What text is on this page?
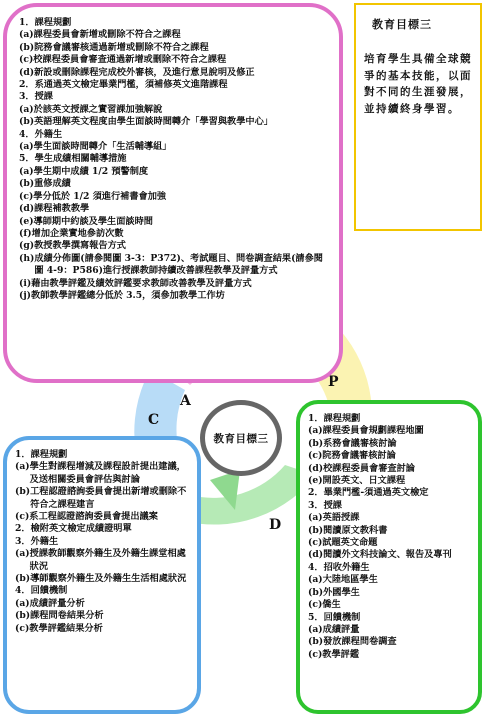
P
A
C
D
教育目標三
1． 課程規劃
(a) 課程委員會新增或刪除不符合之課程
(b) 院務會議審核通過新增或刪除不符合之課程
(c) 校課程委員會審查通過新增或刪除不符合之課程
(d) 新設或刪除課程完成校外審核，及進行意見說明及修正
2． 系通過英文檢定畢業門檻，須補修英文進階課程
3． 授課
(a) 於該英文授課之實習課加強解說
(b) 英語理解英文程度由學生面談時間轉介「學習與教學中心」
4． 外籍生
(a) 學生面談時間轉介「生活輔導組」
5． 學生成績相關輔導措施
(a) 學生期中成績 1/2 預警制度
(b) 重修成績
(c) 學分低於 1/2 須進行補書會加強
(d) 課程補教教學
(e) 導師期中約談及學生面談時間
(f) 增加企業實地參訪次數
(g) 教授教學撰寫報告方式
(h) 成績分佈圖(請參閱圖 3-3：P372)、考試題目、問卷調查結果(請參閱圖 4-9：P586)進行授課教師持續改善課程教學及評量方式
(i) 藉由教學評鑑及績效評鑑要求教師改善教學及評量方式
(j) 教師教學評鑑總分低於 3.5，須參加教學工作坊
教育目標三
培育學生具備全球競爭的基本技能，以面對不同的生涯發展，並持續終身學習。
1． 課程規劃
(a) 學生對課程增減及課程設計提出建議，及送相關委員會評估與討論
(b) 工程認證諮詢委員會提出新增或刪除不符合之課程建言
(c) 系工程認證諮詢委員會提出議案
2． 檢附英文檢定成績證明單
3． 外籍生
(a) 授課教師觀察外籍生及外籍生課堂相處狀況
(b) 導師觀察外籍生及外籍生生活相處狀況
4． 回饋機制
(a) 成績評量分析
(b) 課程問卷結果分析
(c) 教學評鑑結果分析
1． 課程規劃
(a) 課程委員會規劃課程地圖
(b) 系務會議審核討論
(c) 院務會議審核討論
(d) 校課程委員會審查討論
(e) 開設英文、日文課程
2． 畢業門檻-須通過英文檢定
3． 授課
(a) 英語授課
(b) 閱讀原文教科書
(c) 試題英文命題
(d) 閱讀外文科技論文、報告及專刊
4． 招收外籍生
(a) 大陸地區學生
(b) 外國學生
(c) 僑生
5． 回饋機制
(a) 成績評量
(b) 發放課程問卷調查
(c) 教學評鑑
